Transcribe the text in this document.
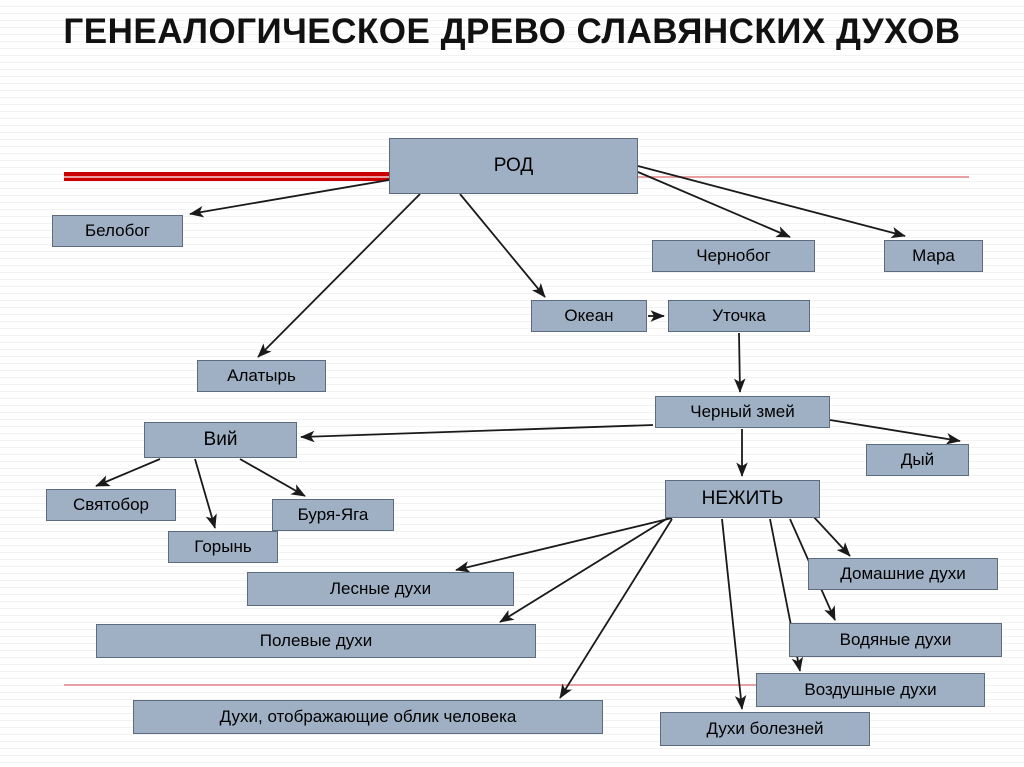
ГЕНЕАЛОГИЧЕСКОЕ ДРЕВО СЛАВЯНСКИХ ДУХОВ
РОД
Белобог
Чернобог	Мара
Океан	Уточка
Алатырь
Черный змей
Вий
Дый
Святобор	НЕЖИТЬ
Буря-Яга
Горынь
Домашние духи
Лесные духи
Полевые духи	Водяные духи
Воздушные духи
Духи, отображающие облик человека
Духи болезней
